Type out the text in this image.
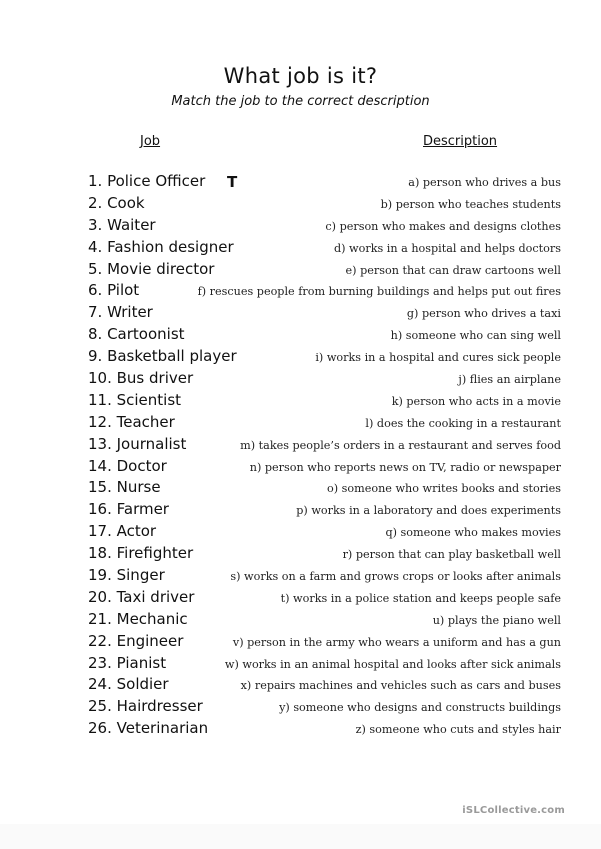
What job is it?
Match the job to the correct description
Job	Description
1. Police Officer
2. Cook
3. Waiter
4. Fashion designer
5. Movie director
6. Pilot
7. Writer
8. Cartoonist
9. Basketball player
10. Bus driver
11. Scientist
12. Teacher
13. Journalist
14. Doctor
15. Nurse
16. Farmer
17. Actor
18. Firefighter
19. Singer
20. Taxi driver
21. Mechanic
22. Engineer
23. Pianist
24. Soldier
25. Hairdresser
26. Veterinarian
T	a) person who drives a bus
b) person who teaches students
c) person who makes and designs clothes
d) works in a hospital and helps doctors
e) person that can draw cartoons well
f) rescues people from burning buildings and helps put out fires
g) person who drives a taxi
h) someone who can sing well
i) works in a hospital and cures sick people
j) flies an airplane
k) person who acts in a movie
l) does the cooking in a restaurant
m) takes people’s orders in a restaurant and serves food
n) person who reports news on TV, radio or newspaper
o) someone who writes books and stories
p) works in a laboratory and does experiments
q) someone who makes movies
r) person that can play basketball well
s) works on a farm and grows crops or looks after animals
t) works in a police station and keeps people safe
u) plays the piano well
v) person in the army who wears a uniform and has a gun
w) works in an animal hospital and looks after sick animals
x) repairs machines and vehicles such as cars and buses
y) someone who designs and constructs buildings
z) someone who cuts and styles hair
iSLCollective.com
